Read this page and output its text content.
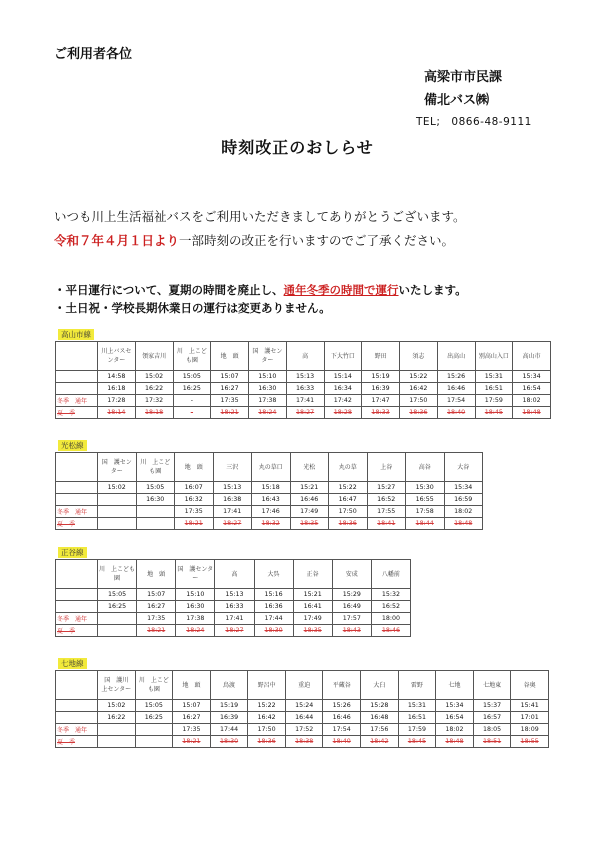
ご利用者各位
高梁市市民課
備北バス㈱
TEL;　0866-48-9111
時刻改正のおしらせ
いつも川上生活福祉バスをご利用いただきましてありがとうございます。
令和７年４月１日より一部時刻の改正を行いますのでご了承ください。
・平日運行について、夏期の時間を廃止し、通年冬季の時間で運行いたします。
・土日祝・学校長期休業日の運行は変更ありません。
高山市線
	川上バスセンター	領家吉川	川　上こども園	地　頭	国　護センター	高	下大竹口	野田	須志	出高山	別高山入口	高山市
	14:58	15:02	15:05	15:07	15:10	15:13	15:14	15:19	15:22	15:26	15:31	15:34
	16:18	16:22	16:25	16:27	16:30	16:33	16:34	16:39	16:42	16:46	16:51	16:54
冬季　通年	17:28	17:32	-	17:35	17:38	17:41	17:42	17:47	17:50	17:54	17:59	18:02
夏　季	18:14	18:18	-	18:21	18:24	18:27	18:28	18:33	18:36	18:40	18:45	18:48
光松線
	国　護センター	川　上こども園	地　頭	三沢	丸の草口	光松	丸の草	上谷	高谷	大谷
	15:02	15:05	16:07	15:13	15:18	15:21	15:22	15:27	15:30	15:34
		16:30	16:32	16:38	16:43	16:46	16:47	16:52	16:55	16:59
冬季　通年			17:35	17:41	17:46	17:49	17:50	17:55	17:58	18:02
夏　季			18:21	18:27	18:32	18:35	18:36	18:41	18:44	18:48
正谷線
	川　上こども園	地　頭	国　護センター	高	大呉	正谷	安成	八幡前
	15:05	15:07	15:10	15:13	15:16	15:21	15:29	15:32
	16:25	16:27	16:30	16:33	16:36	16:41	16:49	16:52
冬季　通年		17:35	17:38	17:41	17:44	17:49	17:57	18:00
夏　季		18:21	18:24	18:27	18:30	18:35	18:43	18:46
七地線
	国　護川　上センター	川　上こども園	地　頭	鳥渡	野呂中	重迫	平蔵谷	大臼	雷野	七地	七地東	谷奥
	15:02	15:05	15:07	15:19	15:22	15:24	15:26	15:28	15:31	15:34	15:37	15:41
	16:22	16:25	16:27	16:39	16:42	16:44	16:46	16:48	16:51	16:54	16:57	17:01
冬季　通年			17:35	17:44	17:50	17:52	17:54	17:56	17:59	18:02	18:05	18:09
夏　季			18:21	18:30	18:36	18:38	18:40	18:42	18:45	18:48	18:51	18:55
